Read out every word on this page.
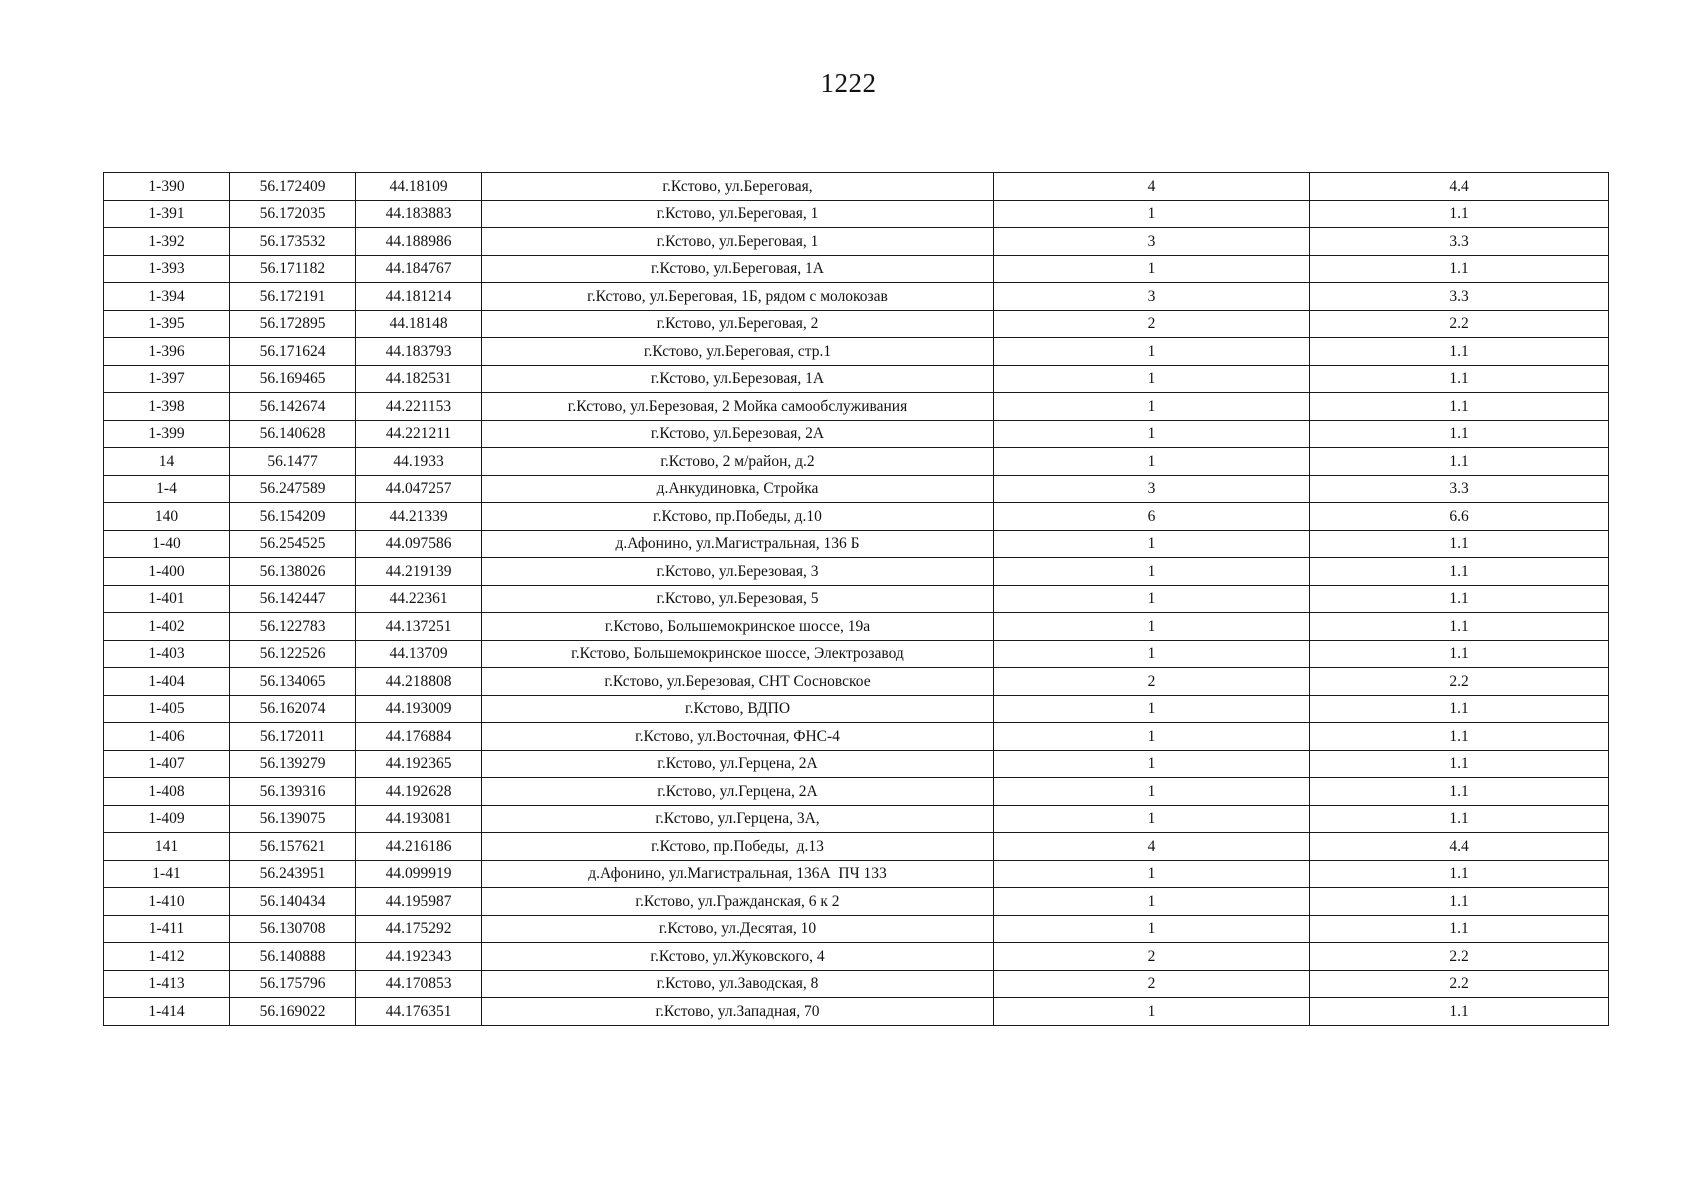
1222
1-390	56.172409	44.18109	г.Кстово, ул.Береговая,	4	4.4
1-391	56.172035	44.183883	г.Кстово, ул.Береговая, 1	1	1.1
1-392	56.173532	44.188986	г.Кстово, ул.Береговая, 1	3	3.3
1-393	56.171182	44.184767	г.Кстово, ул.Береговая, 1А	1	1.1
1-394	56.172191	44.181214	г.Кстово, ул.Береговая, 1Б, рядом с молокозав	3	3.3
1-395	56.172895	44.18148	г.Кстово, ул.Береговая, 2	2	2.2
1-396	56.171624	44.183793	г.Кстово, ул.Береговая, стр.1	1	1.1
1-397	56.169465	44.182531	г.Кстово, ул.Березовая, 1А	1	1.1
1-398	56.142674	44.221153	г.Кстово, ул.Березовая, 2 Мойка самообслуживания	1	1.1
1-399	56.140628	44.221211	г.Кстово, ул.Березовая, 2А	1	1.1
14	56.1477	44.1933	г.Кстово, 2 м/район, д.2	1	1.1
1-4	56.247589	44.047257	д.Анкудиновка, Стройка	3	3.3
140	56.154209	44.21339	г.Кстово, пр.Победы, д.10	6	6.6
1-40	56.254525	44.097586	д.Афонино, ул.Магистральная, 136 Б	1	1.1
1-400	56.138026	44.219139	г.Кстово, ул.Березовая, 3	1	1.1
1-401	56.142447	44.22361	г.Кстово, ул.Березовая, 5	1	1.1
1-402	56.122783	44.137251	г.Кстово, Большемокринское шоссе, 19а	1	1.1
1-403	56.122526	44.13709	г.Кстово, Большемокринское шоссе, Электрозавод	1	1.1
1-404	56.134065	44.218808	г.Кстово, ул.Березовая, СНТ Сосновское	2	2.2
1-405	56.162074	44.193009	г.Кстово, ВДПО	1	1.1
1-406	56.172011	44.176884	г.Кстово, ул.Восточная, ФНС-4	1	1.1
1-407	56.139279	44.192365	г.Кстово, ул.Герцена, 2А	1	1.1
1-408	56.139316	44.192628	г.Кстово, ул.Герцена, 2А	1	1.1
1-409	56.139075	44.193081	г.Кстово, ул.Герцена, 3А,	1	1.1
141	56.157621	44.216186	г.Кстово, пр.Победы,  д.13	4	4.4
1-41	56.243951	44.099919	д.Афонино, ул.Магистральная, 136А  ПЧ 133	1	1.1
1-410	56.140434	44.195987	г.Кстово, ул.Гражданская, 6 к 2	1	1.1
1-411	56.130708	44.175292	г.Кстово, ул.Десятая, 10	1	1.1
1-412	56.140888	44.192343	г.Кстово, ул.Жуковского, 4	2	2.2
1-413	56.175796	44.170853	г.Кстово, ул.Заводская, 8	2	2.2
1-414	56.169022	44.176351	г.Кстово, ул.Западная, 70	1	1.1
